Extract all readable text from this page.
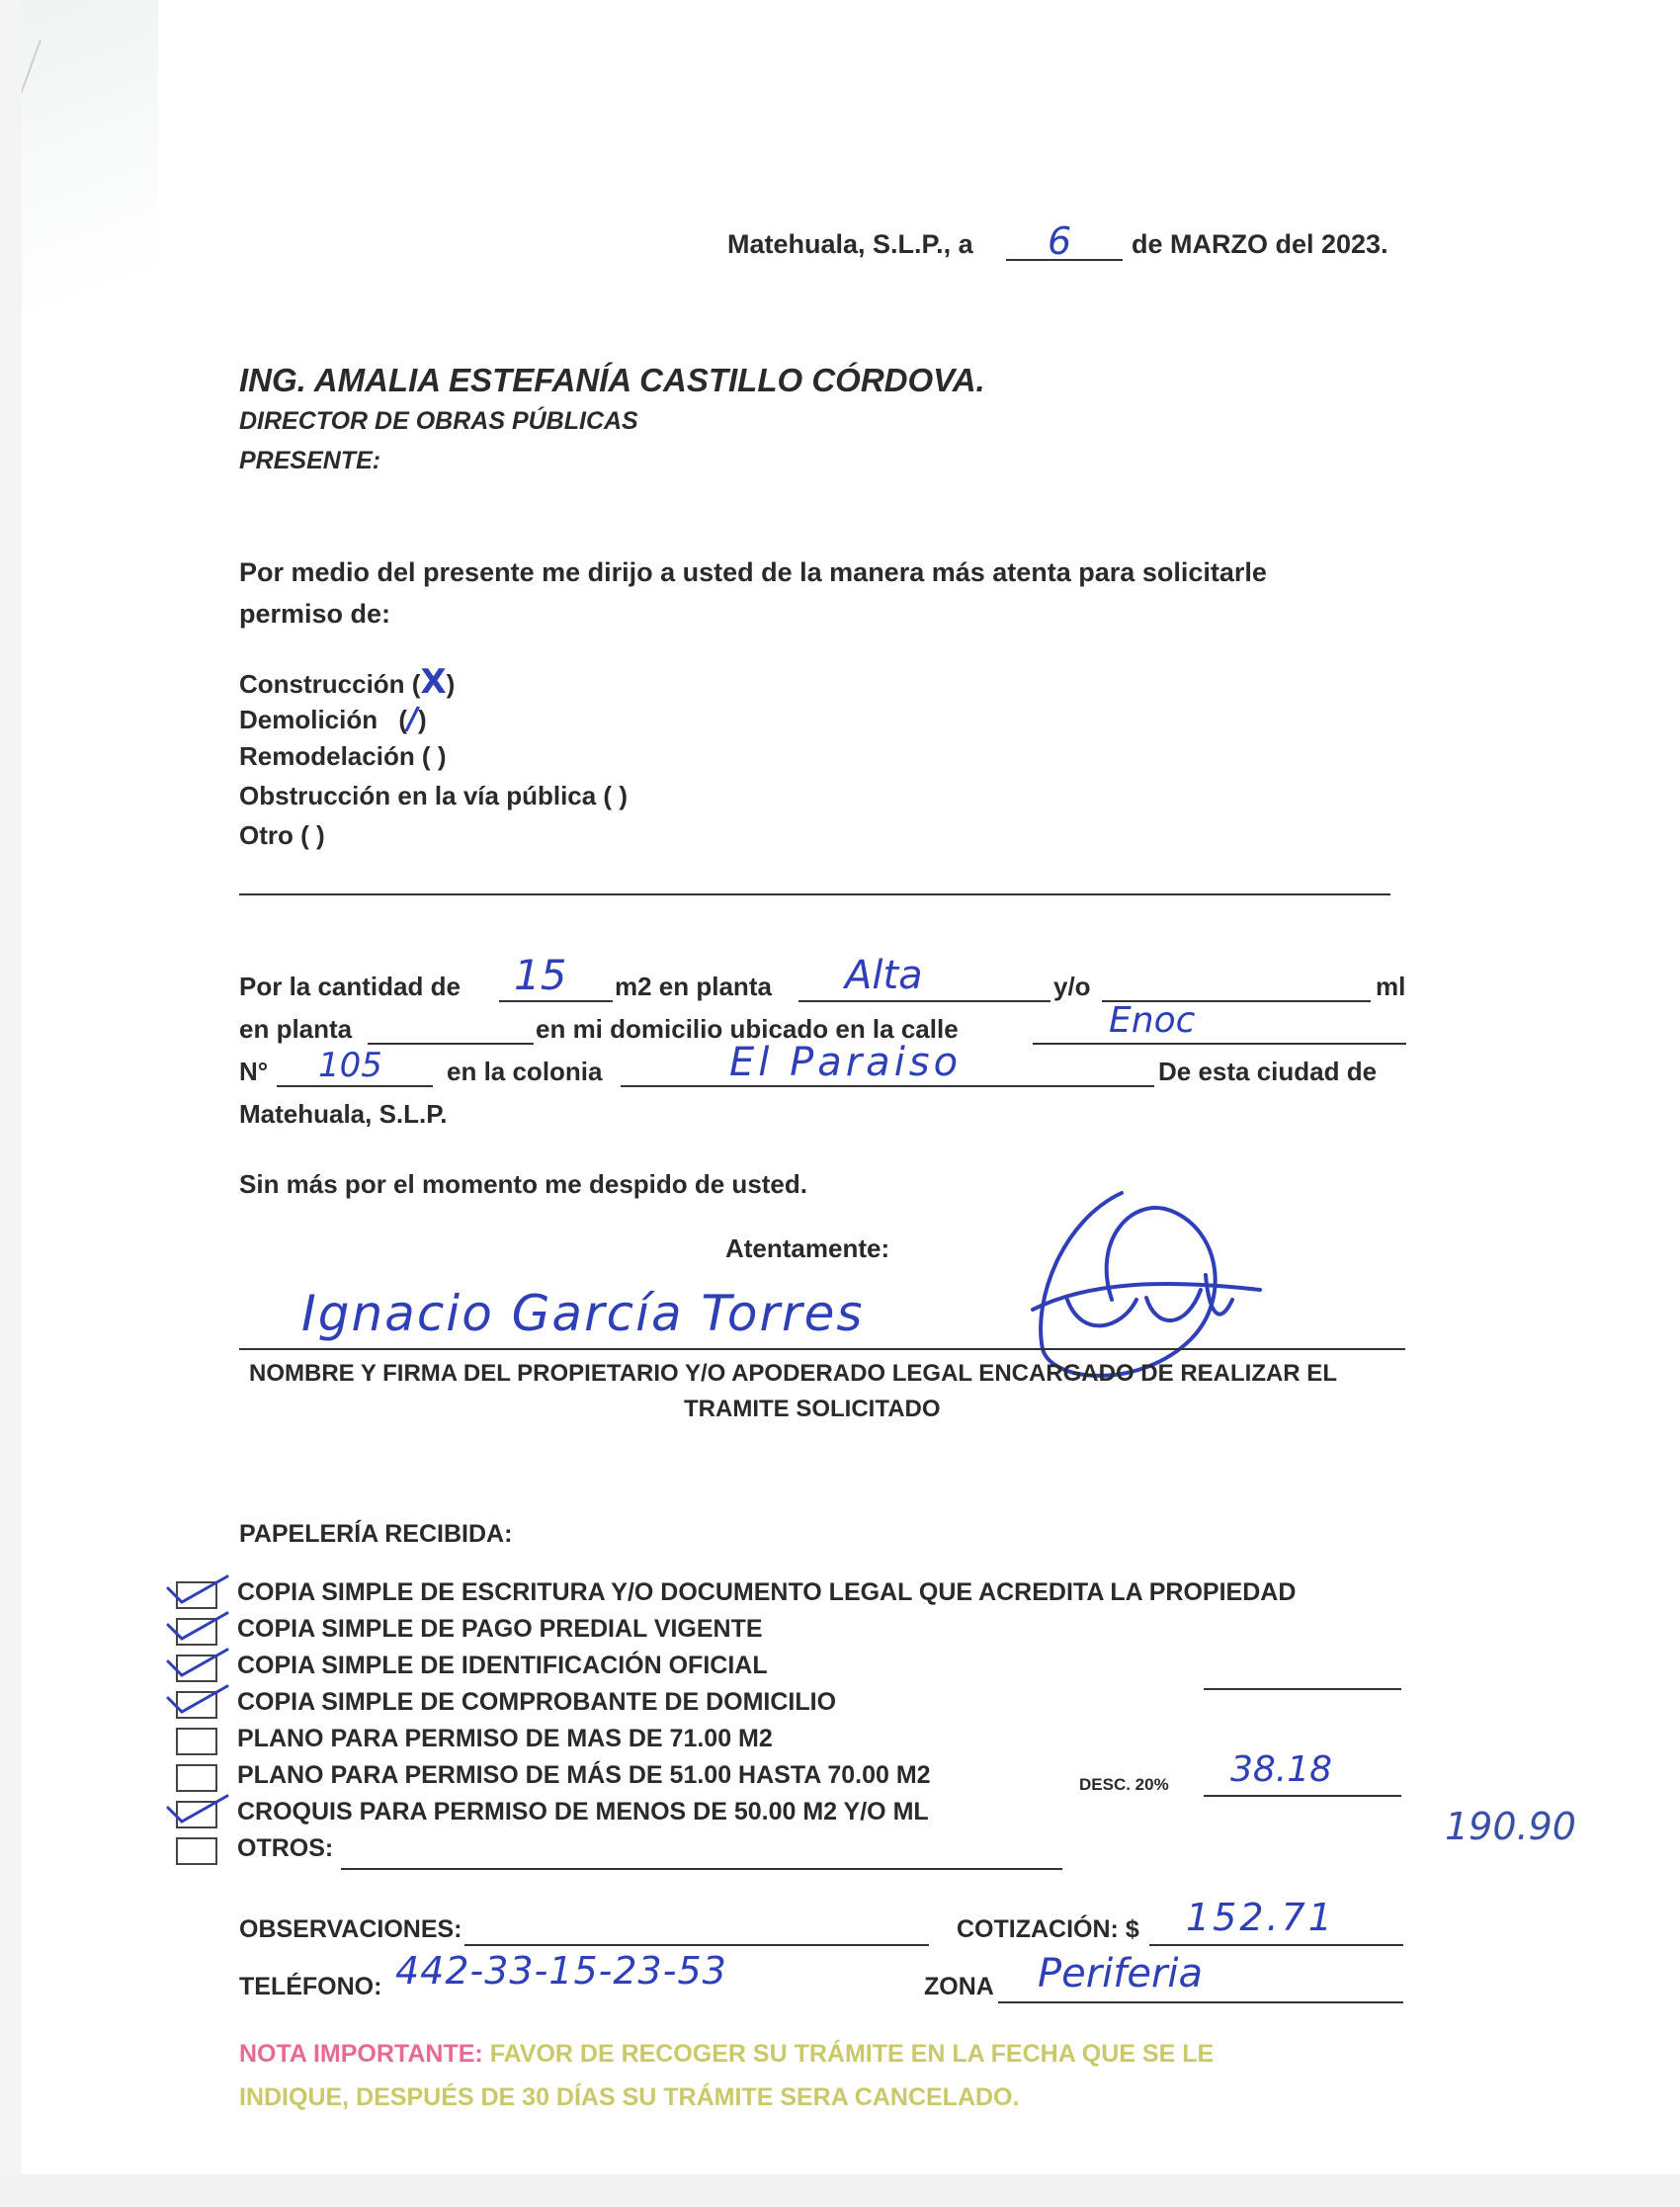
Matehuala, S.L.P., a 6 de MARZO del 2023.
ING. AMALIA ESTEFANÍA CASTILLO CÓRDOVA.
DIRECTOR DE OBRAS PÚBLICAS
PRESENTE:
Por medio del presente me dirijo a usted de la manera más atenta para solicitarle
permiso de:
Construcción (X)
Demolición (/)
Remodelación ( )
Obstrucción en la vía pública ( )
Otro ( )
Por la cantidad de 15 m2 en planta Alta	y/o	ml
en planta	en mi domicilio ubicado en la calle	Enoc
N° 105	en la colonia	El Paraiso	De esta ciudad de
Matehuala, S.L.P.
Sin más por el momento me despido de usted.
Atentamente:
Ignacio García Torres
NOMBRE Y FIRMA DEL PROPIETARIO Y/O APODERADO LEGAL ENCARGADO DE REALIZAR EL
TRAMITE SOLICITADO
PAPELERÍA RECIBIDA:
COPIA SIMPLE DE ESCRITURA Y/O DOCUMENTO LEGAL QUE ACREDITA LA PROPIEDAD
COPIA SIMPLE DE PAGO PREDIAL VIGENTE
COPIA SIMPLE DE IDENTIFICACIÓN OFICIAL
COPIA SIMPLE DE COMPROBANTE DE DOMICILIO
PLANO PARA PERMISO DE MAS DE 71.00 M2
PLANO PARA PERMISO DE MÁS DE 51.00 HASTA 70.00 M2
CROQUIS PARA PERMISO DE MENOS DE 50.00 M2 Y/O ML
OTROS:
DESC. 20% 38.18
190.90
OBSERVACIONES:	COTIZACIÓN: $ 152.71
TELÉFONO: 442-33-15-23-53	ZONA Periferia
NOTA IMPORTANTE: FAVOR DE RECOGER SU TRÁMITE EN LA FECHA QUE SE LE
INDIQUE, DESPUÉS DE 30 DÍAS SU TRÁMITE SERA CANCELADO.
